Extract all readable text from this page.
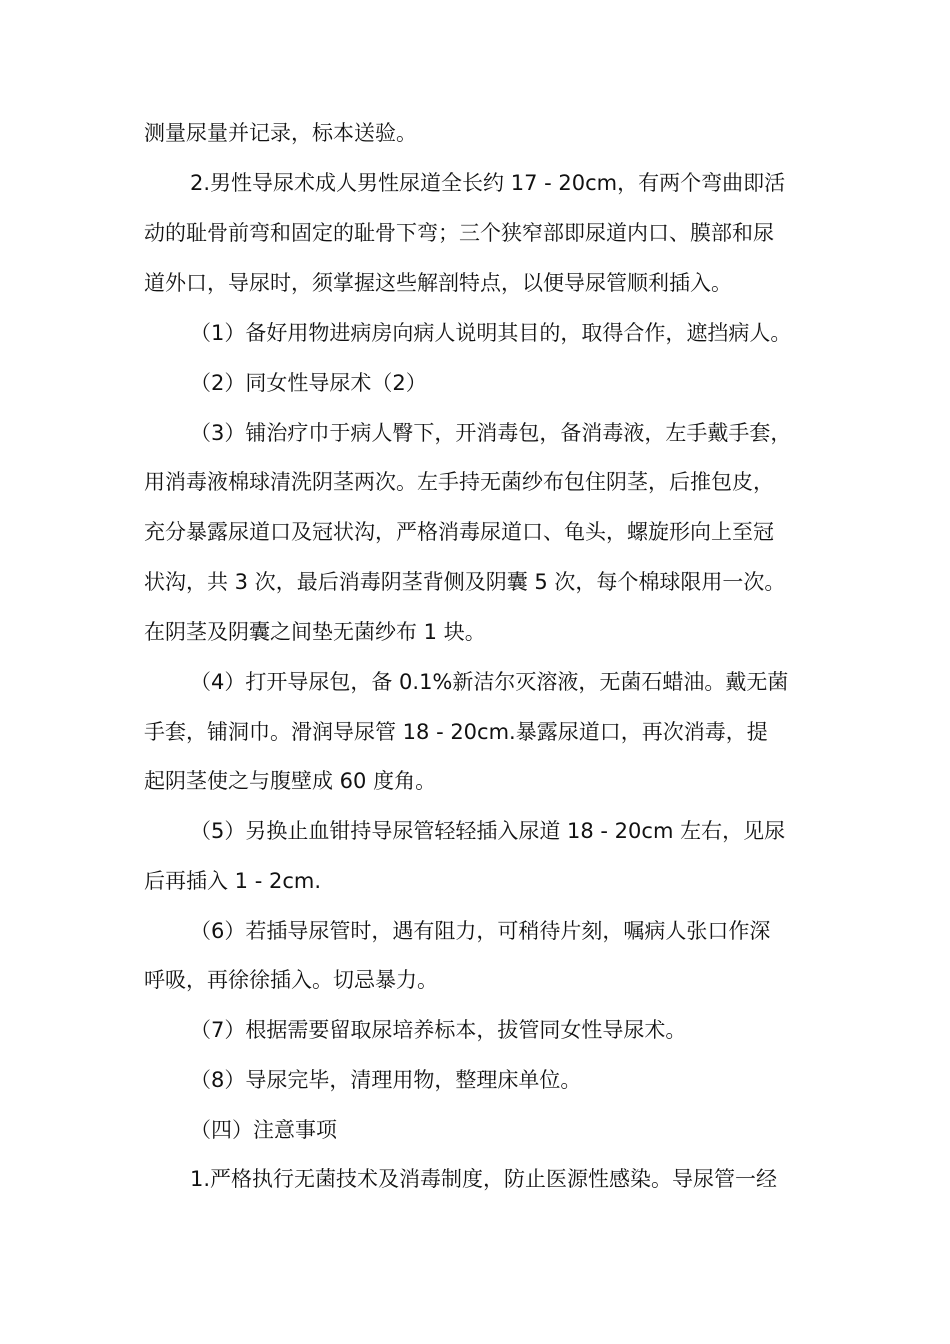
测量尿量并记录，标本送验。
2.男性导尿术成人男性尿道全长约 17 - 20cm，有两个弯曲即活
动的耻骨前弯和固定的耻骨下弯；三个狭窄部即尿道内口、膜部和尿
道外口，导尿时，须掌握这些解剖特点，以便导尿管顺利插入。
（1）备好用物进病房向病人说明其目的，取得合作，遮挡病人。
（2）同女性导尿术（2）
（3）铺治疗巾于病人臀下，开消毒包，备消毒液，左手戴手套，
用消毒液棉球清洗阴茎两次。左手持无菌纱布包住阴茎，后推包皮，
充分暴露尿道口及冠状沟，严格消毒尿道口、龟头，螺旋形向上至冠
状沟，共 3 次，最后消毒阴茎背侧及阴囊 5 次，每个棉球限用一次。
在阴茎及阴囊之间垫无菌纱布 1 块。
（4）打开导尿包，备 0.1%新洁尔灭溶液，无菌石蜡油。戴无菌
手套，铺洞巾。滑润导尿管 18 - 20cm.暴露尿道口，再次消毒，提
起阴茎使之与腹壁成 60 度角。
（5）另换止血钳持导尿管轻轻插入尿道 18 - 20cm 左右，见尿
后再插入 1 - 2cm.
（6）若插导尿管时，遇有阻力，可稍待片刻，嘱病人张口作深
呼吸，再徐徐插入。切忌暴力。
（7）根据需要留取尿培养标本，拔管同女性导尿术。
（8）导尿完毕，清理用物，整理床单位。
（四）注意事项
1.严格执行无菌技术及消毒制度，防止医源性感染。导尿管一经
